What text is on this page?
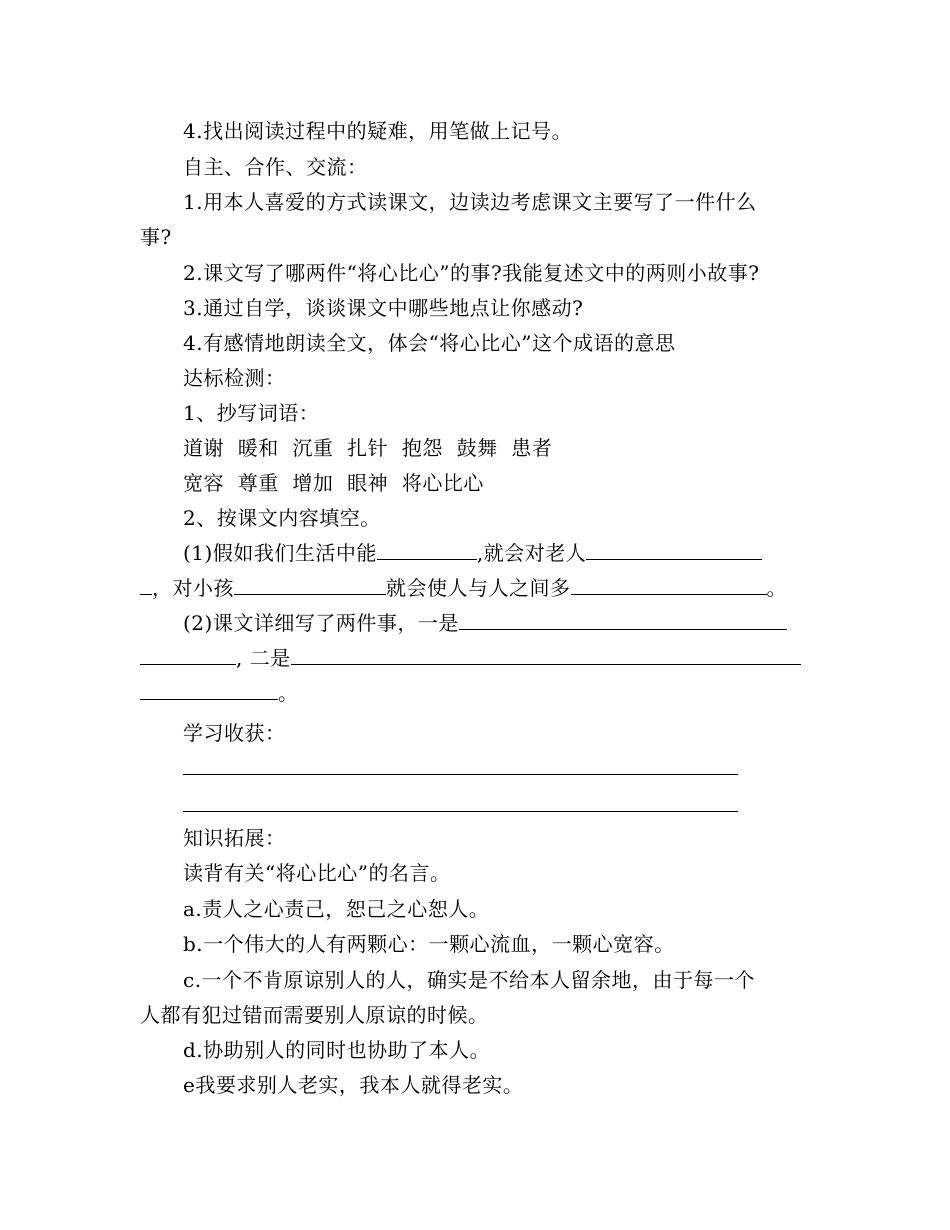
4.找出阅读过程中的疑难，用笔做上记号。
自主、合作、交流：
1.用本人喜爱的方式读课文，边读边考虑课文主要写了一件什么
事?
2.课文写了哪两件“将心比心”的事?我能复述文中的两则小故事?
3.通过自学，谈谈课文中哪些地点让你感动?
4.有感情地朗读全文，体会“将心比心”这个成语的意思
达标检测：
1、抄写词语：
道谢  暖和  沉重  扎针  抱怨  鼓舞  患者
宽容  尊重  增加  眼神  将心比心
2、按课文内容填空。
(1)假如我们生活中能	,就会对老人
，对小孩	就会使人与人之间多	。
(2)课文详细写了两件事，一是
, 二是
。
学习收获：
知识拓展：
读背有关“将心比心”的名言。
a.责人之心责己，恕己之心恕人。
b.一个伟大的人有两颗心：一颗心流血，一颗心宽容。
c.一个不肯原谅别人的人，确实是不给本人留余地，由于每一个
人都有犯过错而需要别人原谅的时候。
d.协助别人的同时也协助了本人。
e我要求别人老实，我本人就得老实。
